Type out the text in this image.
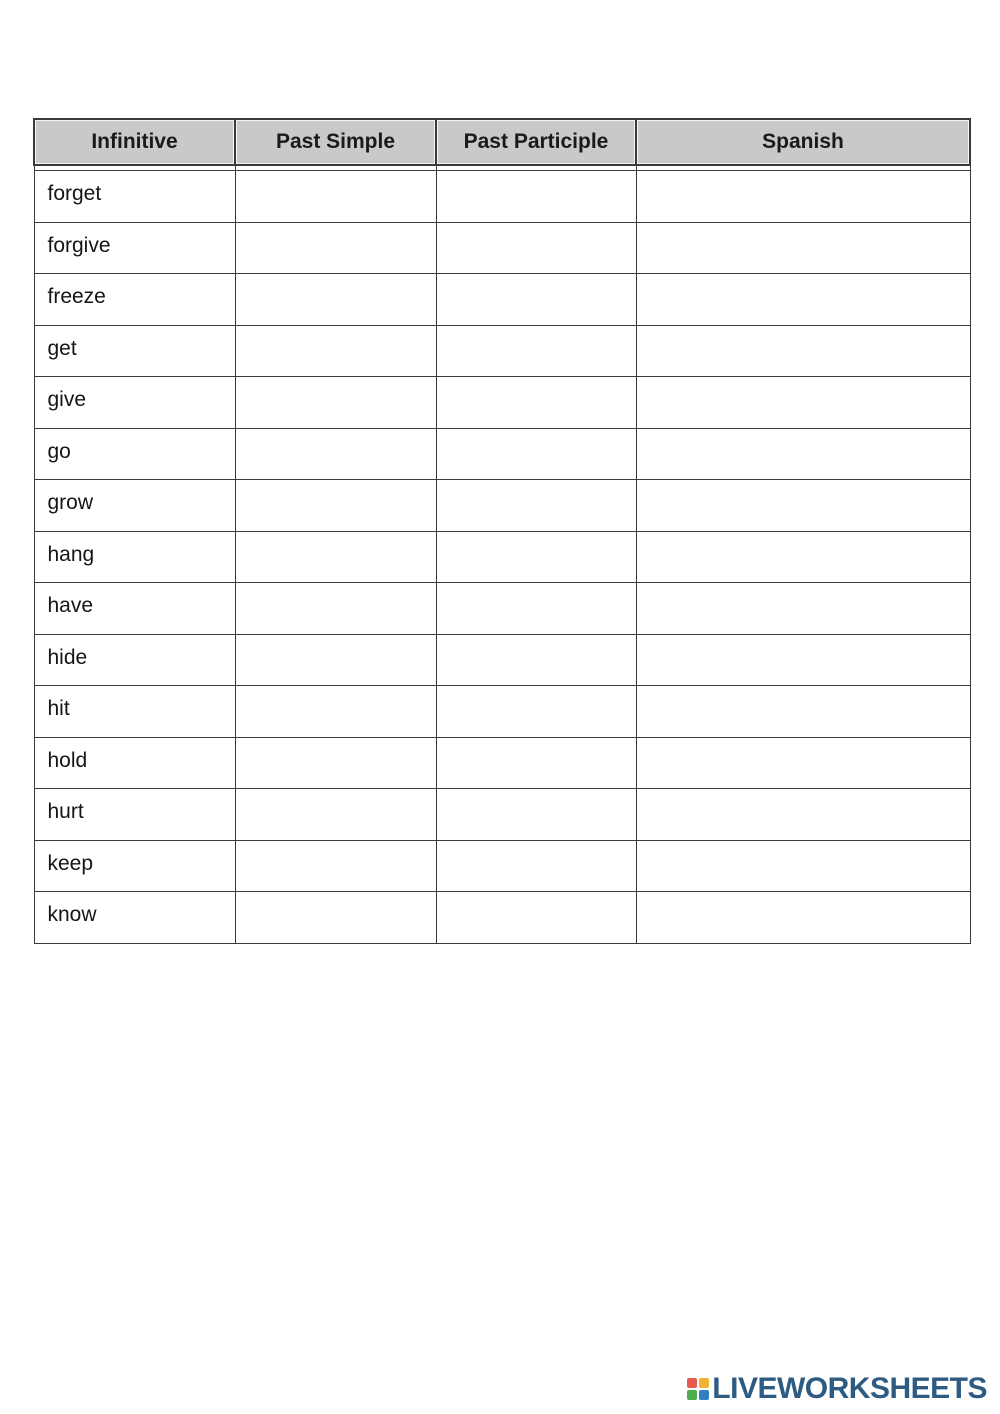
Infinitive	Past Simple	Past Participle	Spanish

forget			
forgive			
freeze			
get			
give			
go			
grow			
hang			
have			
hide			
hit			
hold			
hurt			
keep			
know			
LIVEWORKSHEETS
